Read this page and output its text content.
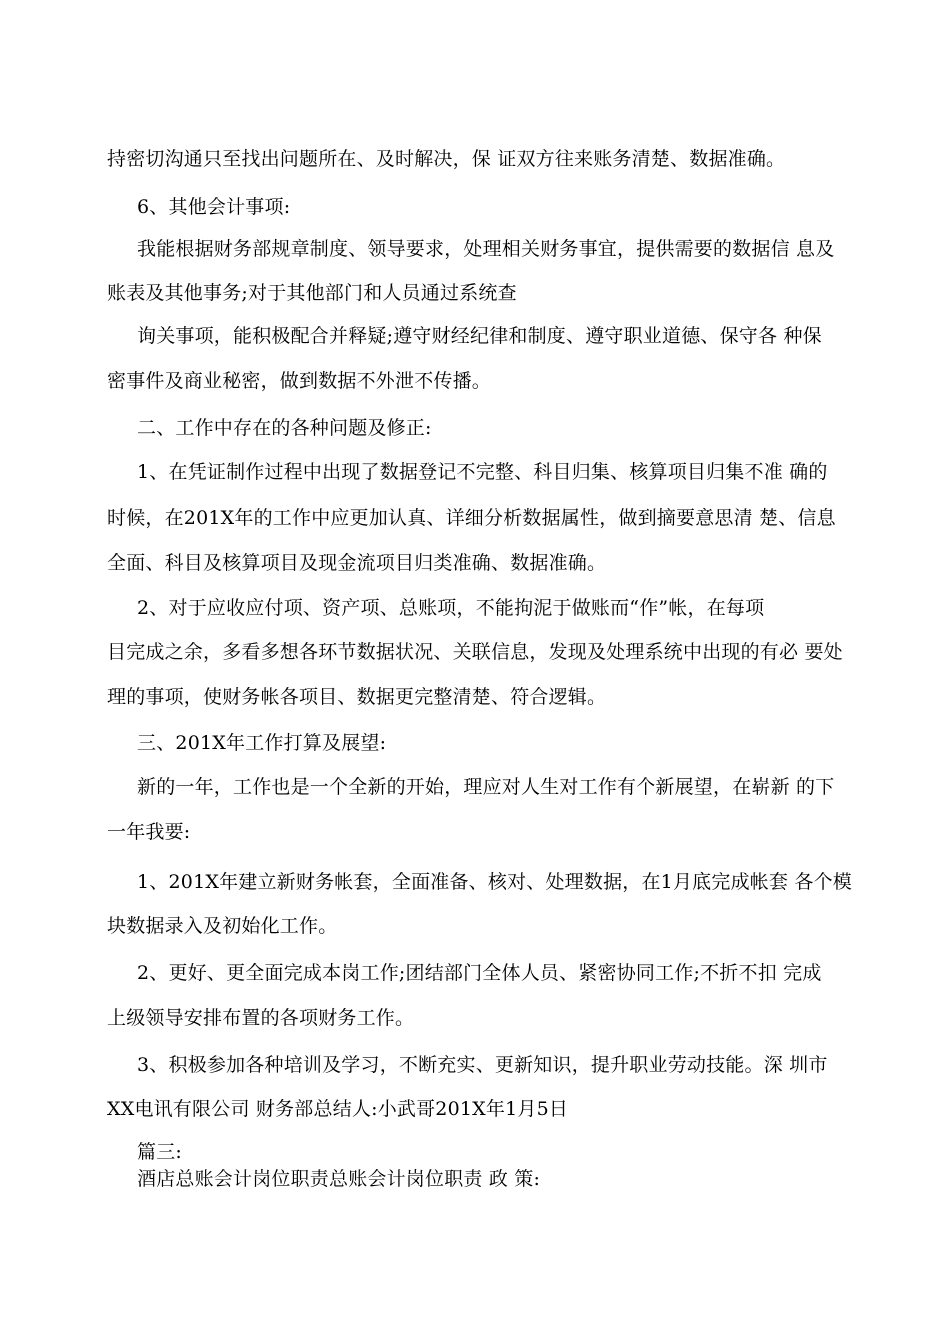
持密切沟通只至找出问题所在、及时解决，保 证双方往来账务清楚、数据准确。
6、其他会计事项:
我能根据财务部规章制度、领导要求，处理相关财务事宜，提供需要的数据信 息及
账表及其他事务;对于其他部门和人员通过系统查
询关事项，能积极配合并释疑;遵守财经纪律和制度、遵守职业道德、保守各 种保
密事件及商业秘密，做到数据不外泄不传播。
二、工作中存在的各种问题及修正:
1、在凭证制作过程中出现了数据登记不完整、科目归集、核算项目归集不准 确的
时候，在201X年的工作中应更加认真、详细分析数据属性，做到摘要意思清 楚、信息
全面、科目及核算项目及现金流项目归类准确、数据准确。
2、对于应收应付项、资产项、总账项，不能拘泥于做账而“作”帐，在每项
目完成之余，多看多想各环节数据状况、关联信息，发现及处理系统中出现的有必 要处
理的事项，使财务帐各项目、数据更完整清楚、符合逻辑。
三、201X年工作打算及展望:
新的一年，工作也是一个全新的开始，理应对人生对工作有个新展望，在崭新 的下
一年我要:
1、201X年建立新财务帐套，全面准备、核对、处理数据，在1月底完成帐套 各个模
块数据录入及初始化工作。
2、更好、更全面完成本岗工作;团结部门全体人员、紧密协同工作;不折不扣 完成
上级领导安排布置的各项财务工作。
3、积极参加各种培训及学习，不断充实、更新知识，提升职业劳动技能。深 圳市
XX电讯有限公司 财务部总结人:小武哥201X年1月5日
篇三:
酒店总账会计岗位职责总账会计岗位职责 政 策:
